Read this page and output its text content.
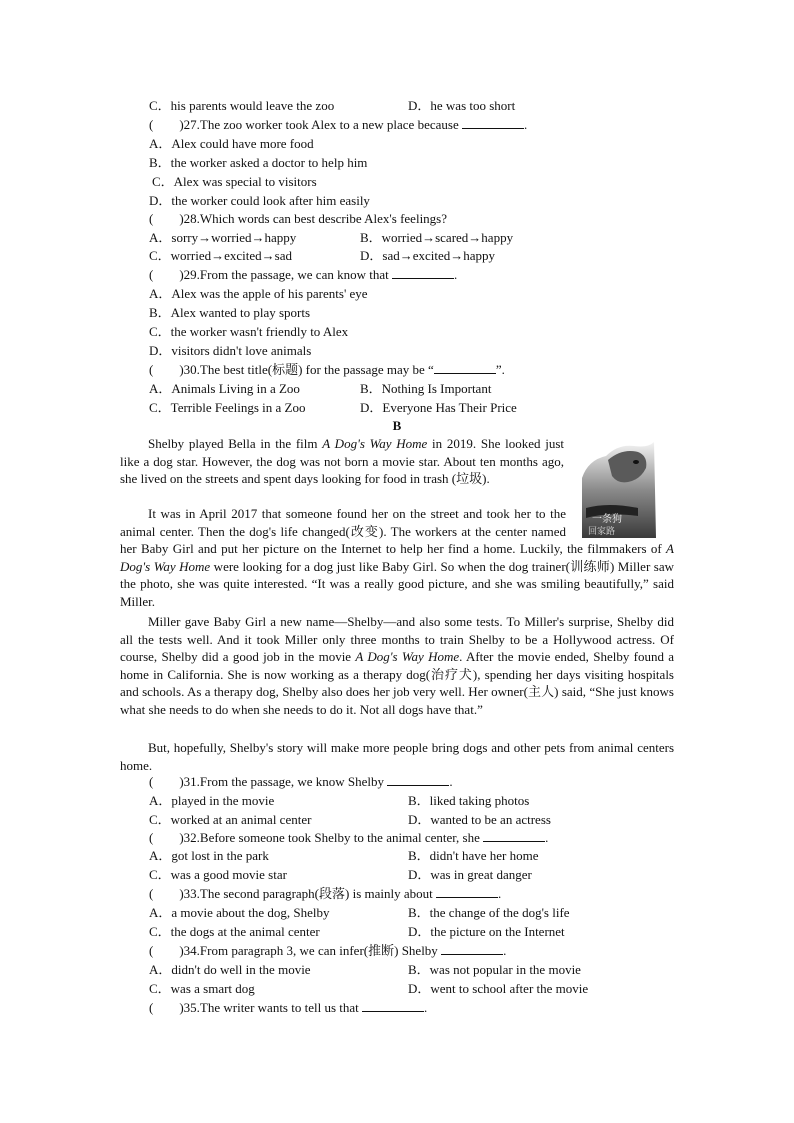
C．his parents would leave the zoo	D．he was too short
(　　)27.The zoo worker took Alex to a new place because	.
A．Alex could have more food
B．the worker asked a doctor to help him
C．Alex was special to visitors
D．the worker could look after him easily
(　　)28.Which words can best describe Alex's feelings?
A．sorry→worried→happy	B．worried→scared→happy
C．worried→excited→sad	D．sad→excited→happy
(　　)29.From the passage, we can know that	.
A．Alex was the apple of his parents' eye
B．Alex wanted to play sports
C．the worker wasn't friendly to Alex
D．visitors didn't love animals
(　　)30.The best title(标题) for the passage may be “	”.
A．Animals Living in a Zoo	B．Nothing Is Important
C．Terrible Feelings in a Zoo	D．Everyone Has Their Price
B
一条狗
回家路

Shelby played Bella in the film A Dog's Way Home in 2019. She looked just like a dog star. However, the dog was not born a movie star. About ten months ago, she lived on the streets and spent days looking for food in trash (垃圾).

It was in April 2017 that someone found her on the street and took her to the animal center. Then the dog's life changed(改变). The workers at the center named her Baby Girl and put her picture on the Internet to help her find a home. Luckily, the filmmakers of A Dog's Way Home were looking for a dog just like Baby Girl. So when the dog trainer(训练师) Miller saw the photo, she was quite interested. “It was a really good picture, and she was smiling beautifully,” said Miller.

Miller gave Baby Girl a new name—Shelby—and also some tests. To Miller's surprise, Shelby did all the tests well. And it took Miller only three months to train Shelby to be a Hollywood actress. Of course, Shelby did a good job in the movie A Dog's Way Home. After the movie ended, Shelby found a home in California. She is now working as a therapy dog(治疗犬), spending her days visiting hospitals and schools. As a therapy dog, Shelby also does her job very well. Her owner(主人) said, “She just knows what she needs to do when she needs to do it. Not all dogs have that.”

But, hopefully, Shelby's story will make more people bring dogs and other pets from animal centers home.

(　　)31.From the passage, we know Shelby	.
A．played in the movie	B．liked taking photos
C．worked at an animal center	D．wanted to be an actress
(　　)32.Before someone took Shelby to the animal center, she	.
A．got lost in the park	B．didn't have her home
C．was a good movie star	D．was in great danger
(　　)33.The second paragraph(段落) is mainly about	.
A．a movie about the dog, Shelby	B．the change of the dog's life
C．the dogs at the animal center	D．the picture on the Internet
(　　)34.From paragraph 3, we can infer(推断) Shelby	.
A．didn't do well in the movie	B．was not popular in the movie
C．was a smart dog	D．went to school after the movie
(　　)35.The writer wants to tell us that	.
